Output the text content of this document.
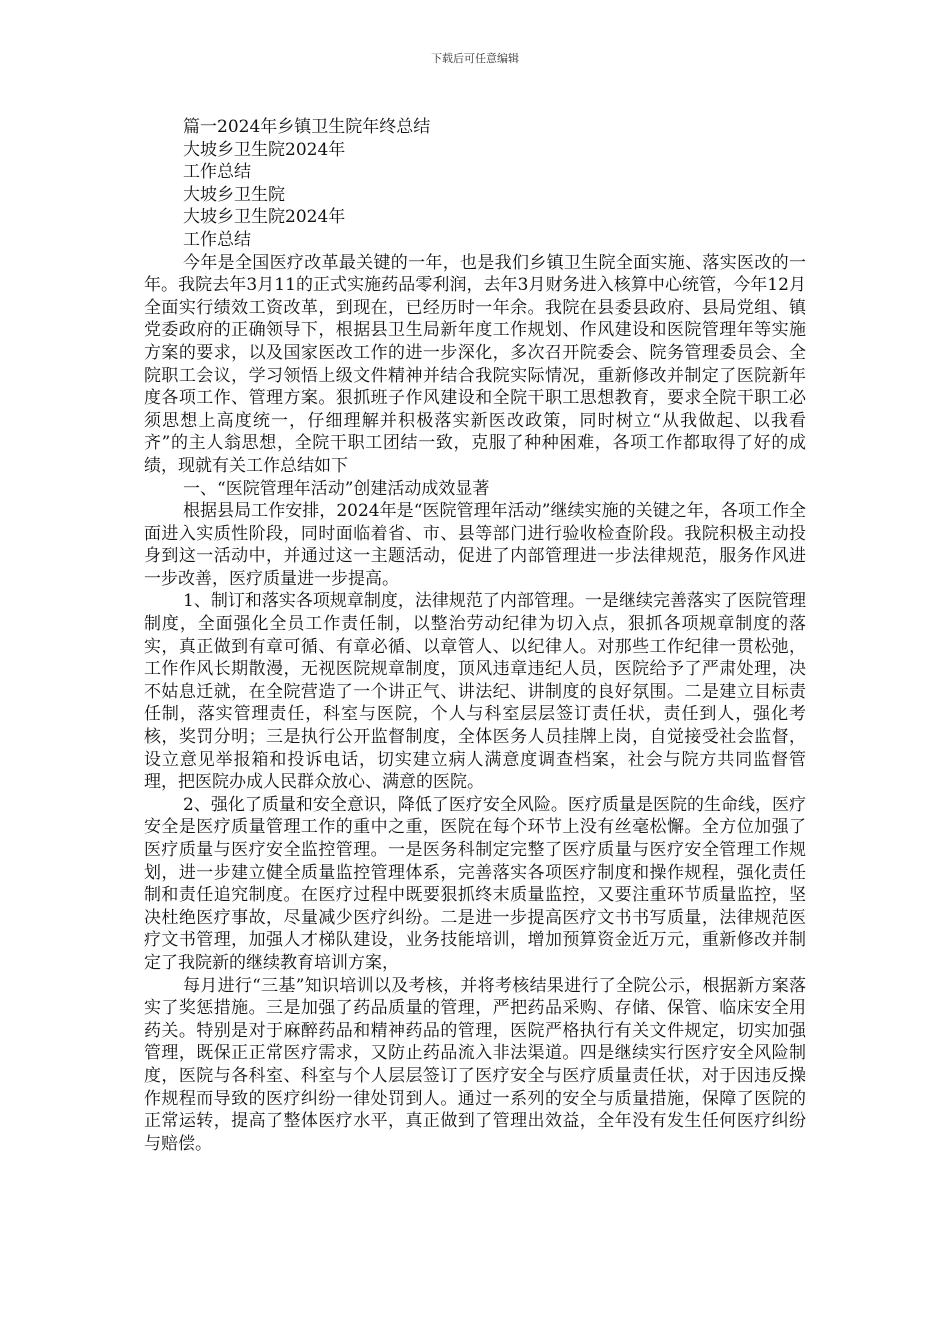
下载后可任意编辑

篇一2024年乡镇卫生院年终总结

大坡乡卫生院2024年

工作总结

大坡乡卫生院

大坡乡卫生院2024年

工作总结

今年是全国医疗改革最关键的一年，也是我们乡镇卫生院全面实施、落实医改的一年。我院去年3月11的正式实施药品零利润，去年3月财务进入核算中心统管，今年12月全面实行绩效工资改革，到现在，已经历时一年余。我院在县委县政府、县局党组、镇党委政府的正确领导下，根据县卫生局新年度工作规划、作风建设和医院管理年等实施方案的要求，以及国家医改工作的进一步深化，多次召开院委会、院务管理委员会、全院职工会议，学习领悟上级文件精神并结合我院实际情况，重新修改并制定了医院新年度各项工作、管理方案。狠抓班子作风建设和全院干职工思想教育，要求全院干职工必须思想上高度统一，仔细理解并积极落实新医改政策，同时树立“从我做起、以我看齐”的主人翁思想，全院干职工团结一致，克服了种种困难，各项工作都取得了好的成绩，现就有关工作总结如下

一、“医院管理年活动”创建活动成效显著

根据县局工作安排，2024年是“医院管理年活动”继续实施的关键之年，各项工作全面进入实质性阶段，同时面临着省、市、县等部门进行验收检查阶段。我院积极主动投身到这一活动中，并通过这一主题活动，促进了内部管理进一步法律规范，服务作风进一步改善，医疗质量进一步提高。

1、制订和落实各项规章制度，法律规范了内部管理。一是继续完善落实了医院管理制度，全面强化全员工作责任制，以整治劳动纪律为切入点，狠抓各项规章制度的落实，真正做到有章可循、有章必循、以章管人、以纪律人。对那些工作纪律一贯松弛，工作作风长期散漫，无视医院规章制度，顶风违章违纪人员，医院给予了严肃处理，决不姑息迁就，在全院营造了一个讲正气、讲法纪、讲制度的良好氛围。二是建立目标责任制，落实管理责任，科室与医院，个人与科室层层签订责任状，责任到人，强化考核，奖罚分明；三是执行公开监督制度，全体医务人员挂牌上岗，自觉接受社会监督，设立意见举报箱和投诉电话，切实建立病人满意度调查档案，社会与院方共同监督管理，把医院办成人民群众放心、满意的医院。

2、强化了质量和安全意识，降低了医疗安全风险。医疗质量是医院的生命线，医疗安全是医疗质量管理工作的重中之重，医院在每个环节上没有丝毫松懈。全方位加强了医疗质量与医疗安全监控管理。一是医务科制定完整了医疗质量与医疗安全管理工作规划，进一步建立健全质量监控管理体系，完善落实各项医疗制度和操作规程，强化责任制和责任追究制度。在医疗过程中既要狠抓终末质量监控，又要注重环节质量监控，坚决杜绝医疗事故，尽量减少医疗纠纷。二是进一步提高医疗文书书写质量，法律规范医疗文书管理，加强人才梯队建设，业务技能培训，增加预算资金近万元，重新修改并制定了我院新的继续教育培训方案，

每月进行“三基”知识培训以及考核，并将考核结果进行了全院公示，根据新方案落实了奖惩措施。三是加强了药品质量的管理，严把药品采购、存储、保管、临床安全用药关。特别是对于麻醉药品和精神药品的管理，医院严格执行有关文件规定，切实加强管理，既保正正常医疗需求，又防止药品流入非法渠道。四是继续实行医疗安全风险制度，医院与各科室、科室与个人层层签订了医疗安全与医疗质量责任状，对于因违反操作规程而导致的医疗纠纷一律处罚到人。通过一系列的安全与质量措施，保障了医院的正常运转，提高了整体医疗水平，真正做到了管理出效益，全年没有发生任何医疗纠纷与赔偿。
